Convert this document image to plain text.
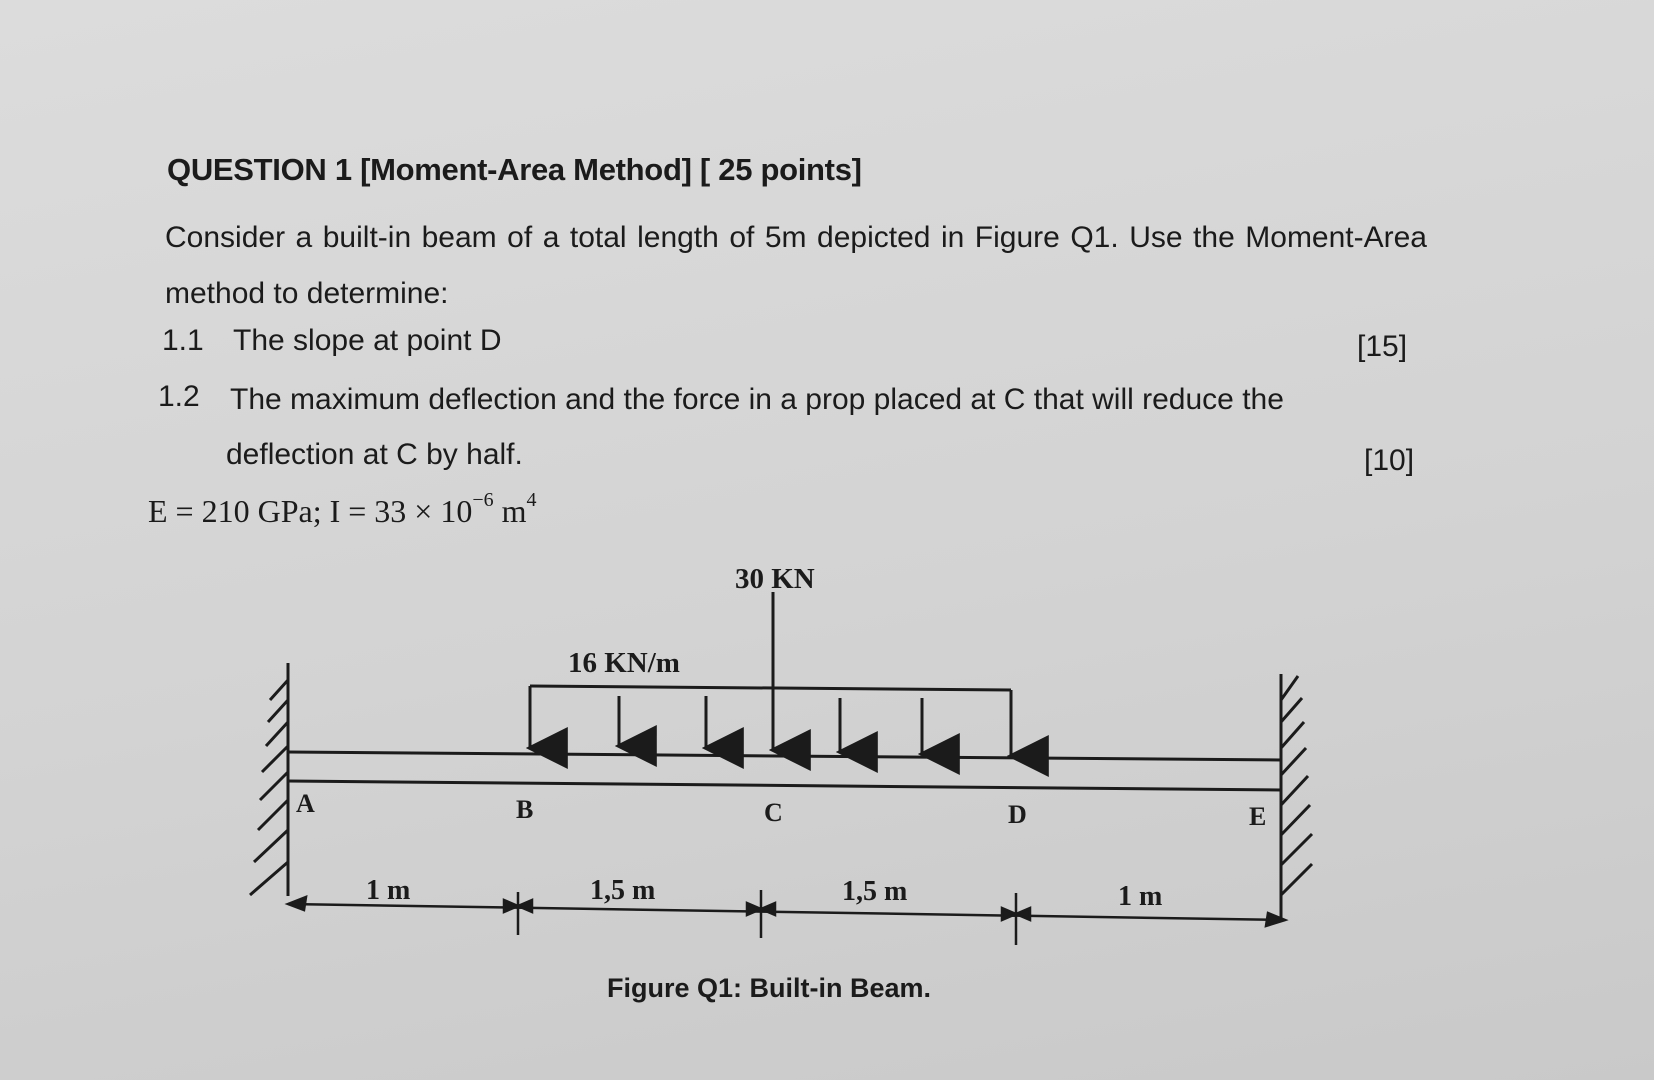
QUESTION 1 [Moment-Area Method] [ 25 points]
Consider a built-in beam of a total length of 5m depicted in Figure Q1. Use the Moment-Area method to determine:
1.1 The slope at point D	[15]
1.2 The maximum deflection and the force in a prop placed at C that will reduce the
deflection at C by half.	[10]
E = 210 GPa; $I = 33 \times 10^{-6}$ $m^4$
30 KN
16 KN/m
A	B	C	D	E
1 m	1,5 m	1,5 m	1 m
Figure Q1: Built-in Beam.
